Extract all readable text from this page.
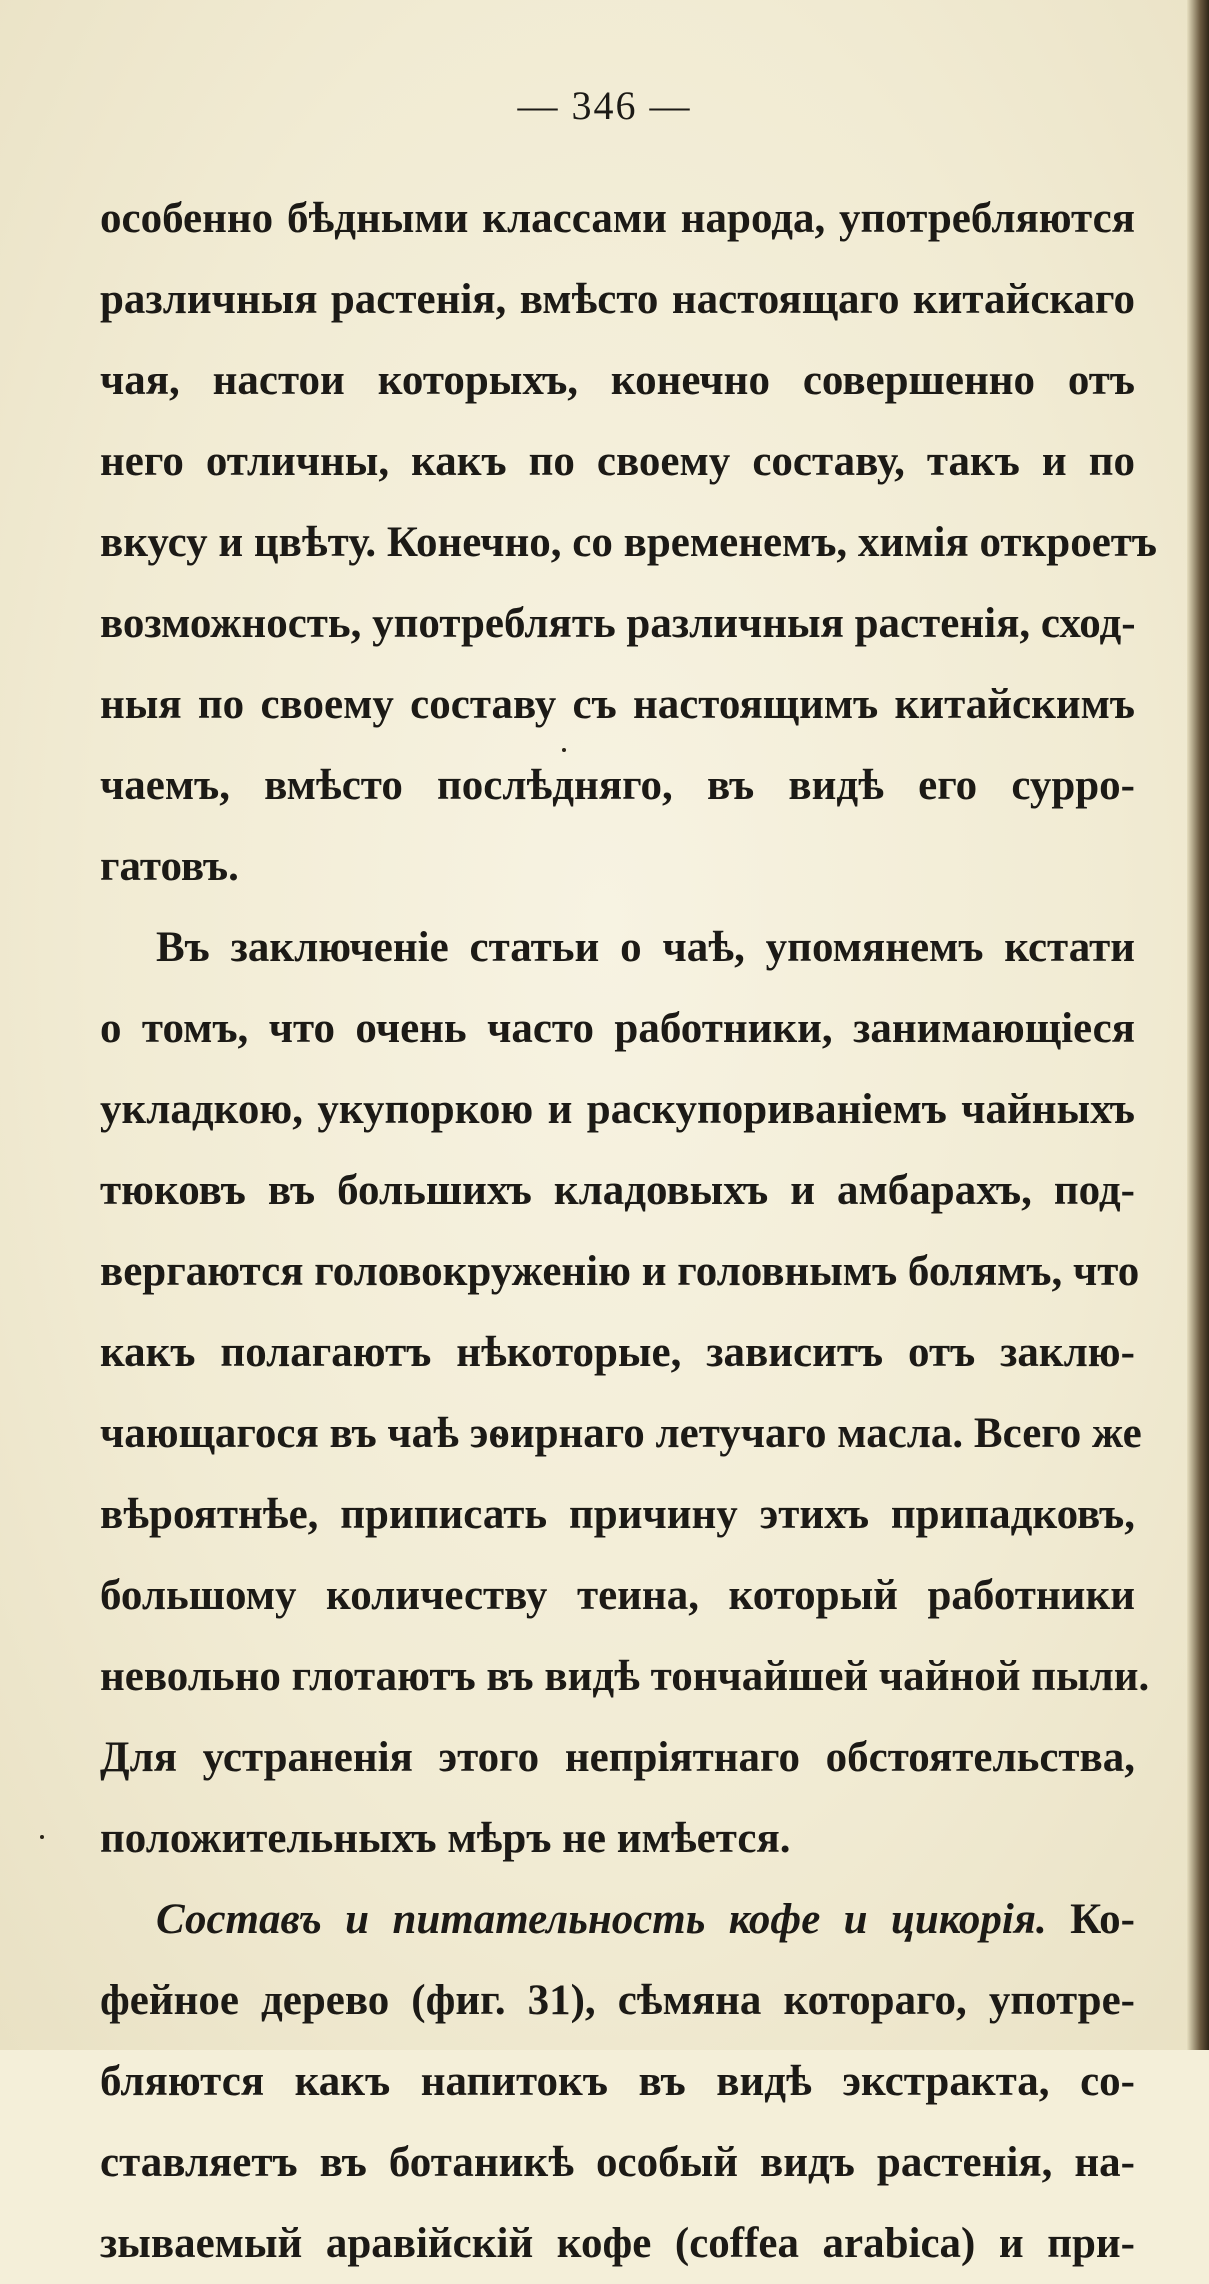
— 346 —
особенно бѣдными классами народа, употребляются
различныя растенія, вмѣсто настоящаго китайскаго
чая, настои которыхъ, конечно совершенно отъ
него отличны, какъ по своему составу, такъ и по
вкусу и цвѣту. Конечно, со временемъ, химія откроетъ
возможность, употреблять различныя растенія, сход-
ныя по своему составу съ настоящимъ китайскимъ
чаемъ, вмѣсто послѣдняго, въ видѣ его сурро-
гатовъ.
Въ заключеніе статьи о чаѣ, упомянемъ кстати
о томъ, что очень часто работники, занимающіеся
укладкою, укупоркою и раскупориваніемъ чайныхъ
тюковъ въ большихъ кладовыхъ и амбарахъ, под-
вергаются головокруженію и головнымъ болямъ, что
какъ полагаютъ нѣкоторые, зависитъ отъ заклю-
чающагося въ чаѣ эѳирнаго летучаго масла. Всего же
вѣроятнѣе, приписать причину этихъ припадковъ,
большому количеству теина, который работники
невольно глотаютъ въ видѣ тончайшей чайной пыли.
Для устраненія этого непріятнаго обстоятельства,
положительныхъ мѣръ не имѣется.
Составъ и питательность кофе и цикорія. Ко-
фейное дерево (фиг. 31), сѣмяна котораго, употре-
бляются какъ напитокъ въ видѣ экстракта, со-
ставляетъ въ ботаникѣ особый видъ растенія, на-
зываемый аравійскій кофе (coffea arabica) и при-
